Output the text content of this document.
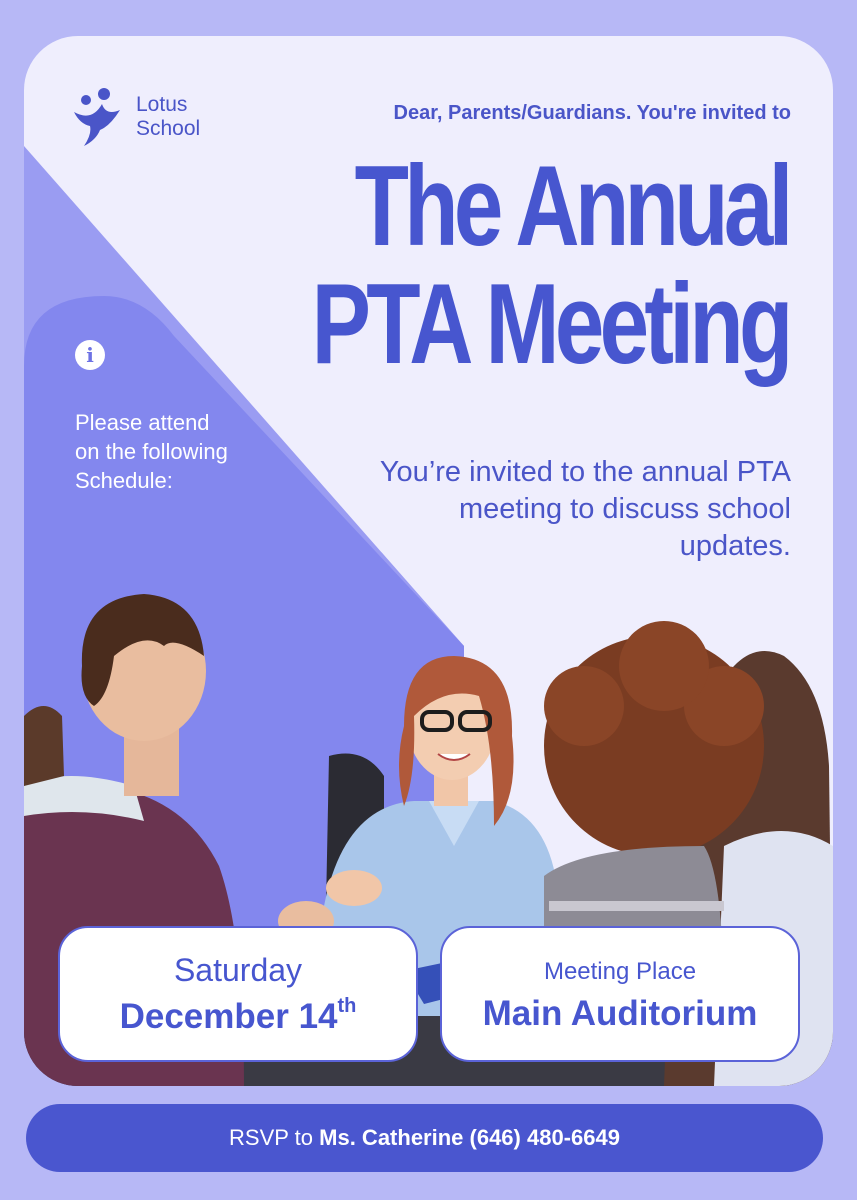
Lotus
School
Dear, Parents/Guardians. You're invited to
The Annual
PTA Meeting
You’re invited to the annual PTA meeting to discuss school updates.
i
Please attend on the following Schedule:
Saturday
December 14th
Meeting Place
Main Auditorium
RSVP to Ms. Catherine (646) 480-6649
